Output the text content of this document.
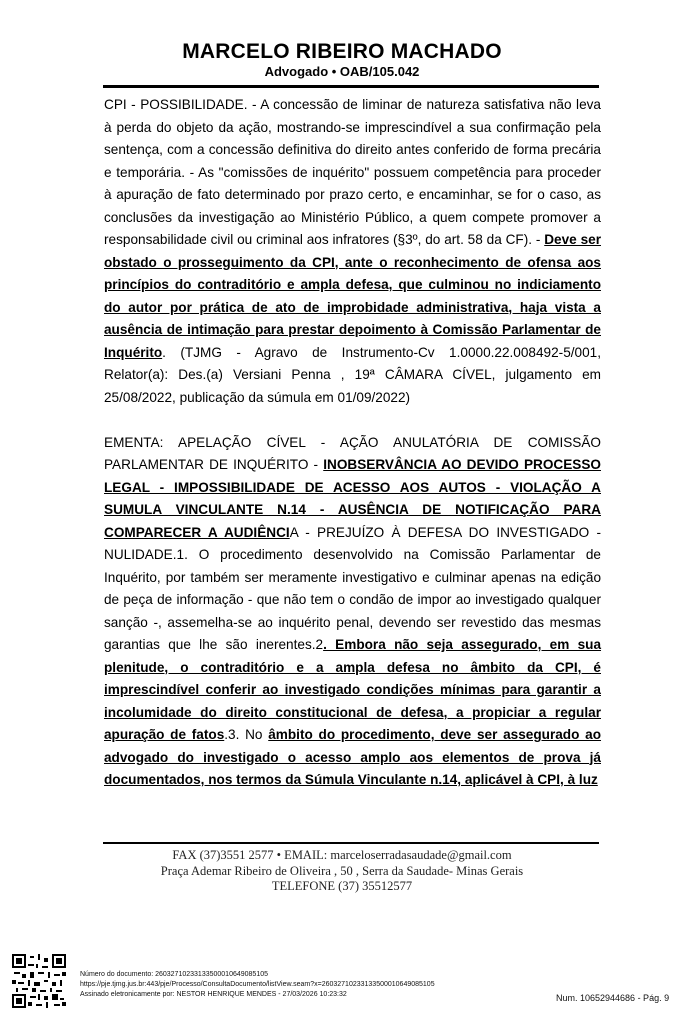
MARCELO RIBEIRO MACHADO
Advogado • OAB/105.042

CPI - POSSIBILIDADE. - A concessão de liminar de natureza satisfativa não leva à perda do objeto da ação, mostrando-se imprescindível a sua confirmação pela sentença, com a concessão definitiva do direito antes conferido de forma precária e temporária. - As "comissões de inquérito" possuem competência para proceder à apuração de fato determinado por prazo certo, e encaminhar, se for o caso, as conclusões da investigação ao Ministério Público, a quem compete promover a responsabilidade civil ou criminal aos infratores (§3º, do art. 58 da CF). - Deve ser obstado o prosseguimento da CPI, ante o reconhecimento de ofensa aos princípios do contraditório e ampla defesa, que culminou no indiciamento do autor por prática de ato de improbidade administrativa, haja vista a ausência de intimação para prestar depoimento à Comissão Parlamentar de Inquérito. (TJMG - Agravo de Instrumento-Cv 1.0000.22.008492-5/001, Relator(a): Des.(a) Versiani Penna , 19ª CÂMARA CÍVEL, julgamento em 25/08/2022, publicação da súmula em 01/09/2022)

EMENTA: APELAÇÃO CÍVEL - AÇÃO ANULATÓRIA DE COMISSÃO PARLAMENTAR DE INQUÉRITO - INOBSERVÂNCIA AO DEVIDO PROCESSO LEGAL - IMPOSSIBILIDADE DE ACESSO AOS AUTOS - VIOLAÇÃO A SUMULA VINCULANTE N.14 - AUSÊNCIA DE NOTIFICAÇÃO PARA COMPARECER A AUDIÊNCIA - PREJUÍZO À DEFESA DO INVESTIGADO - NULIDADE.1. O procedimento desenvolvido na Comissão Parlamentar de Inquérito, por também ser meramente investigativo e culminar apenas na edição de peça de informação - que não tem o condão de impor ao investigado qualquer sanção -, assemelha-se ao inquérito penal, devendo ser revestido das mesmas garantias que lhe são inerentes.2. Embora não seja assegurado, em sua plenitude, o contraditório e a ampla defesa no âmbito da CPI, é imprescindível conferir ao investigado condições mínimas para garantir a incolumidade do direito constitucional de defesa, a propiciar a regular apuração de fatos.3. No âmbito do procedimento, deve ser assegurado ao advogado do investigado o acesso amplo aos elementos de prova já documentados, nos termos da Súmula Vinculante n.14, aplicável à CPI, à luz

FAX (37)3551 2577 • EMAIL: marceloserradasaudade@gmail.com
Praça Ademar Ribeiro de Oliveira , 50 , Serra da Saudade- Minas Gerais
TELEFONE (37) 35512577
Número do documento: 26032710233133500010649085105
https://pje.tjmg.jus.br:443/pje/Processo/ConsultaDocumento/listView.seam?x=26032710233133500010649085105
Assinado eletronicamente por: NESTOR HENRIQUE MENDES - 27/03/2026 10:23:32	Num. 10652944686 - Pág. 9
